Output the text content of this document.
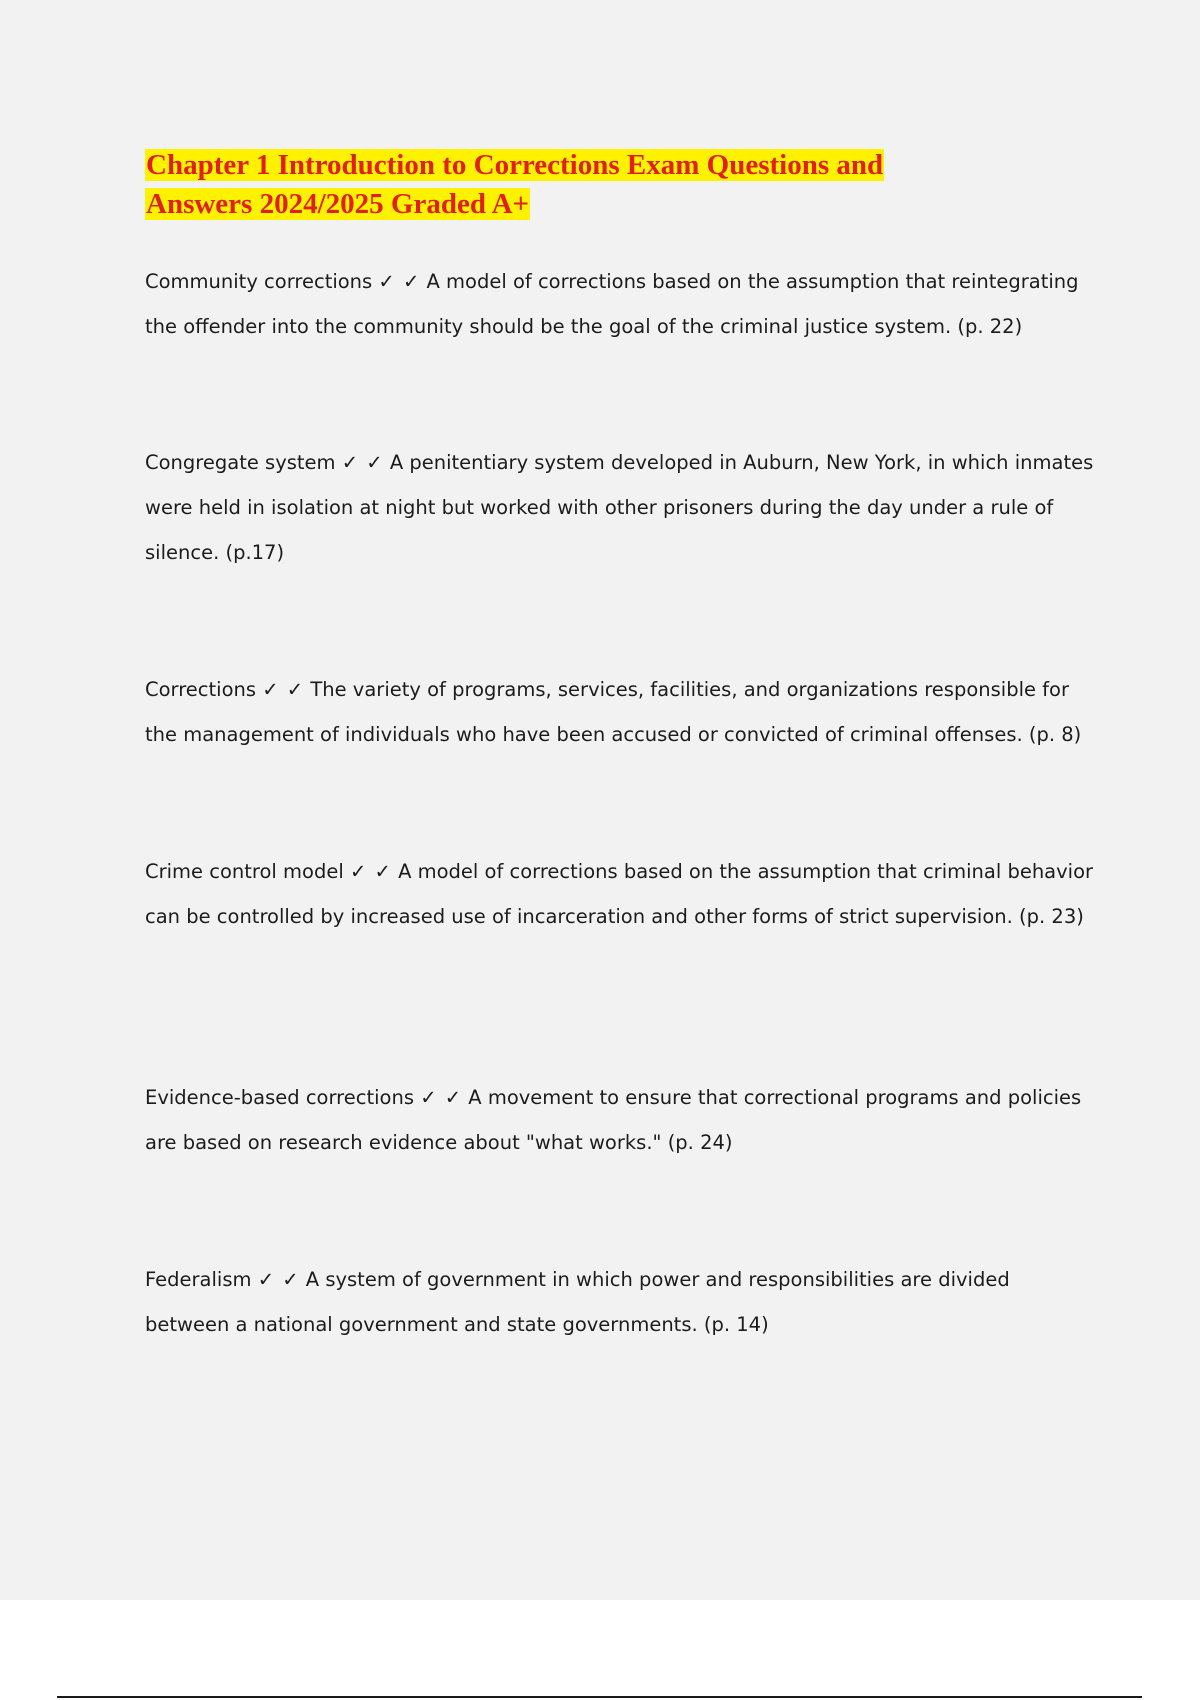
Chapter 1 Introduction to Corrections Exam Questions and
Answers 2024/2025 Graded A+

Community corrections ✓ ✓ A model of corrections based on the assumption that reintegrating the offender into the community should be the goal of the criminal justice system. (p. 22)

Congregate system ✓ ✓ A penitentiary system developed in Auburn, New York, in which inmates were held in isolation at night but worked with other prisoners during the day under a rule of silence. (p.17)

Corrections ✓ ✓ The variety of programs, services, facilities, and organizations responsible for the management of individuals who have been accused or convicted of criminal offenses. (p. 8)

Crime control model ✓ ✓ A model of corrections based on the assumption that criminal behavior can be controlled by increased use of incarceration and other forms of strict supervision. (p. 23)

Evidence-based corrections ✓ ✓ A movement to ensure that correctional programs and policies are based on research evidence about "what works." (p. 24)

Federalism ✓ ✓ A system of government in which power and responsibilities are divided between a national government and state governments. (p. 14)
